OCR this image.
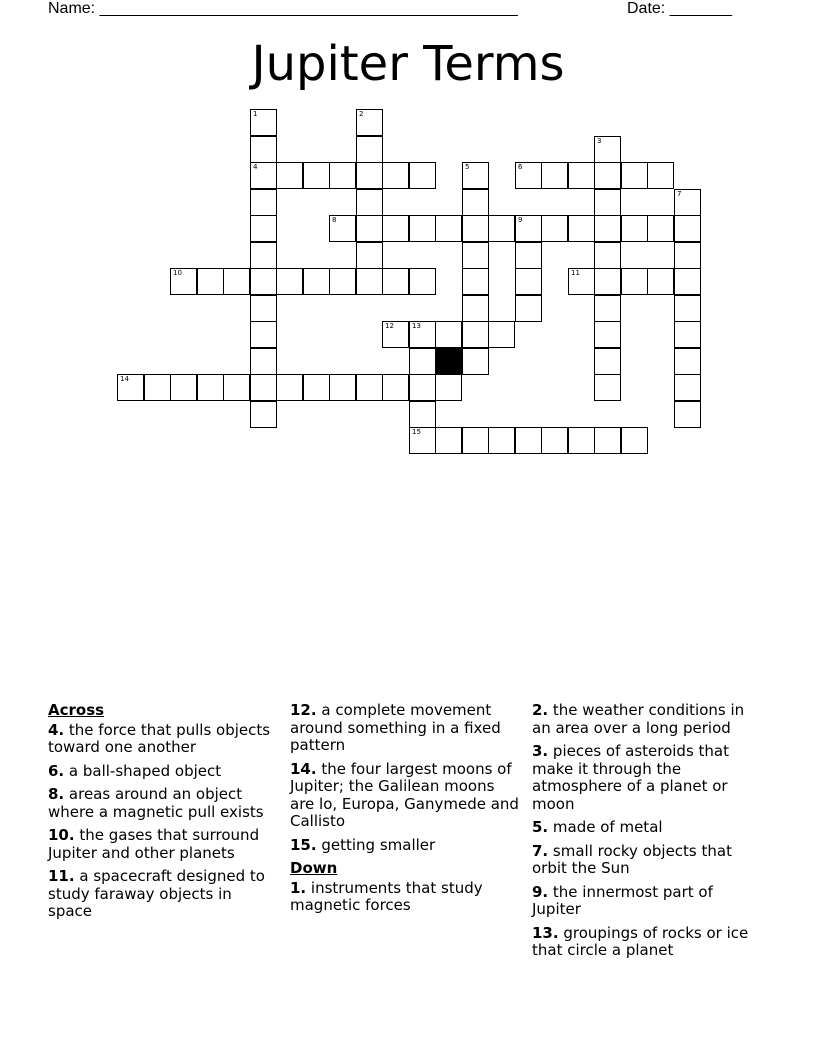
Name: _______________________________________________	Date: _______
Jupiter Terms
1
4
2
3
5	6
7
8	9
10	11
12	13
15
14
Across
4. the force that pulls objects toward one another
6. a ball-shaped object
8. areas around an object where a magnetic pull exists
10. the gases that surround Jupiter and other planets
11. a spacecraft designed to study faraway objects in space
12. a complete movement around something in a fixed pattern
14. the four largest moons of Jupiter; the Galilean moons are lo, Europa, Ganymede and Callisto
15. getting smaller
Down
1. instruments that study magnetic forces
2. the weather conditions in an area over a long period
3. pieces of asteroids that make it through the atmosphere of a planet or moon
5. made of metal
7. small rocky objects that orbit the Sun
9. the innermost part of Jupiter
13. groupings of rocks or ice that circle a planet
